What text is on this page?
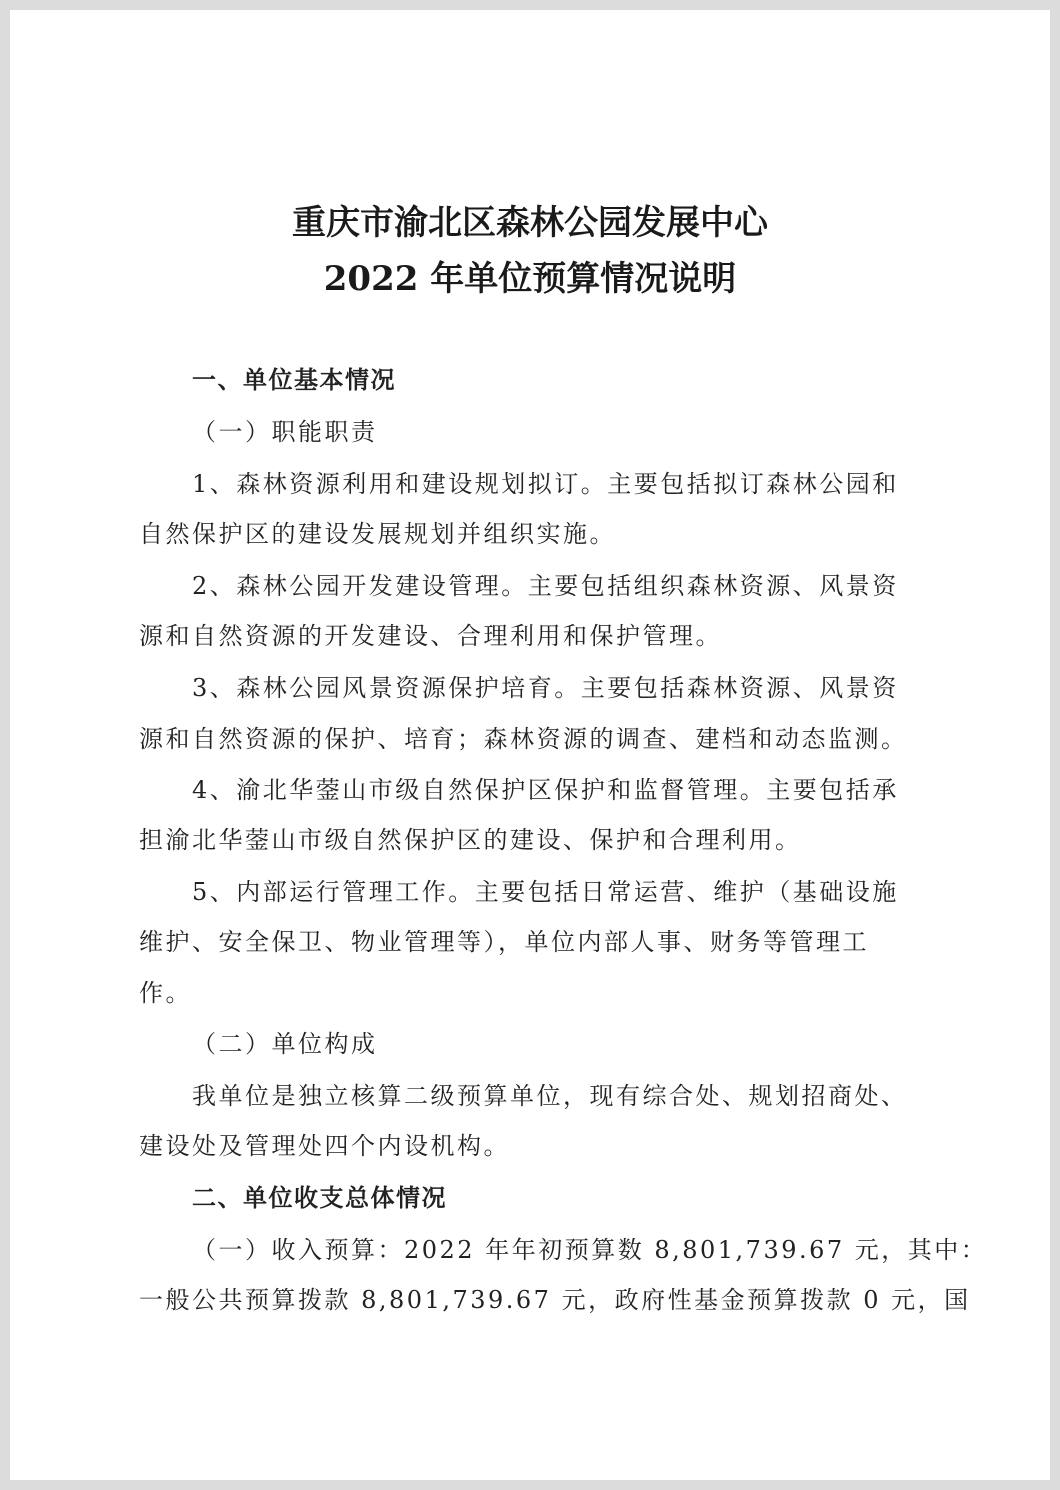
重庆市渝北区森林公园发展中心
2022 年单位预算情况说明

一、单位基本情况

（一）职能职责

1、森林资源利用和建设规划拟订。主要包括拟订森林公园和

自然保护区的建设发展规划并组织实施。

2、森林公园开发建设管理。主要包括组织森林资源、风景资

源和自然资源的开发建设、合理利用和保护管理。

3、森林公园风景资源保护培育。主要包括森林资源、风景资

源和自然资源的保护、培育；森林资源的调查、建档和动态监测。

4、渝北华蓥山市级自然保护区保护和监督管理。主要包括承

担渝北华蓥山市级自然保护区的建设、保护和合理利用。

5、内部运行管理工作。主要包括日常运营、维护（基础设施

维护、安全保卫、物业管理等），单位内部人事、财务等管理工

作。

（二）单位构成

我单位是独立核算二级预算单位，现有综合处、规划招商处、

建设处及管理处四个内设机构。

二、单位收支总体情况

（一）收入预算：2022 年年初预算数 8,801,739.67 元，其中：

一般公共预算拨款 8,801,739.67 元，政府性基金预算拨款 0 元，国
